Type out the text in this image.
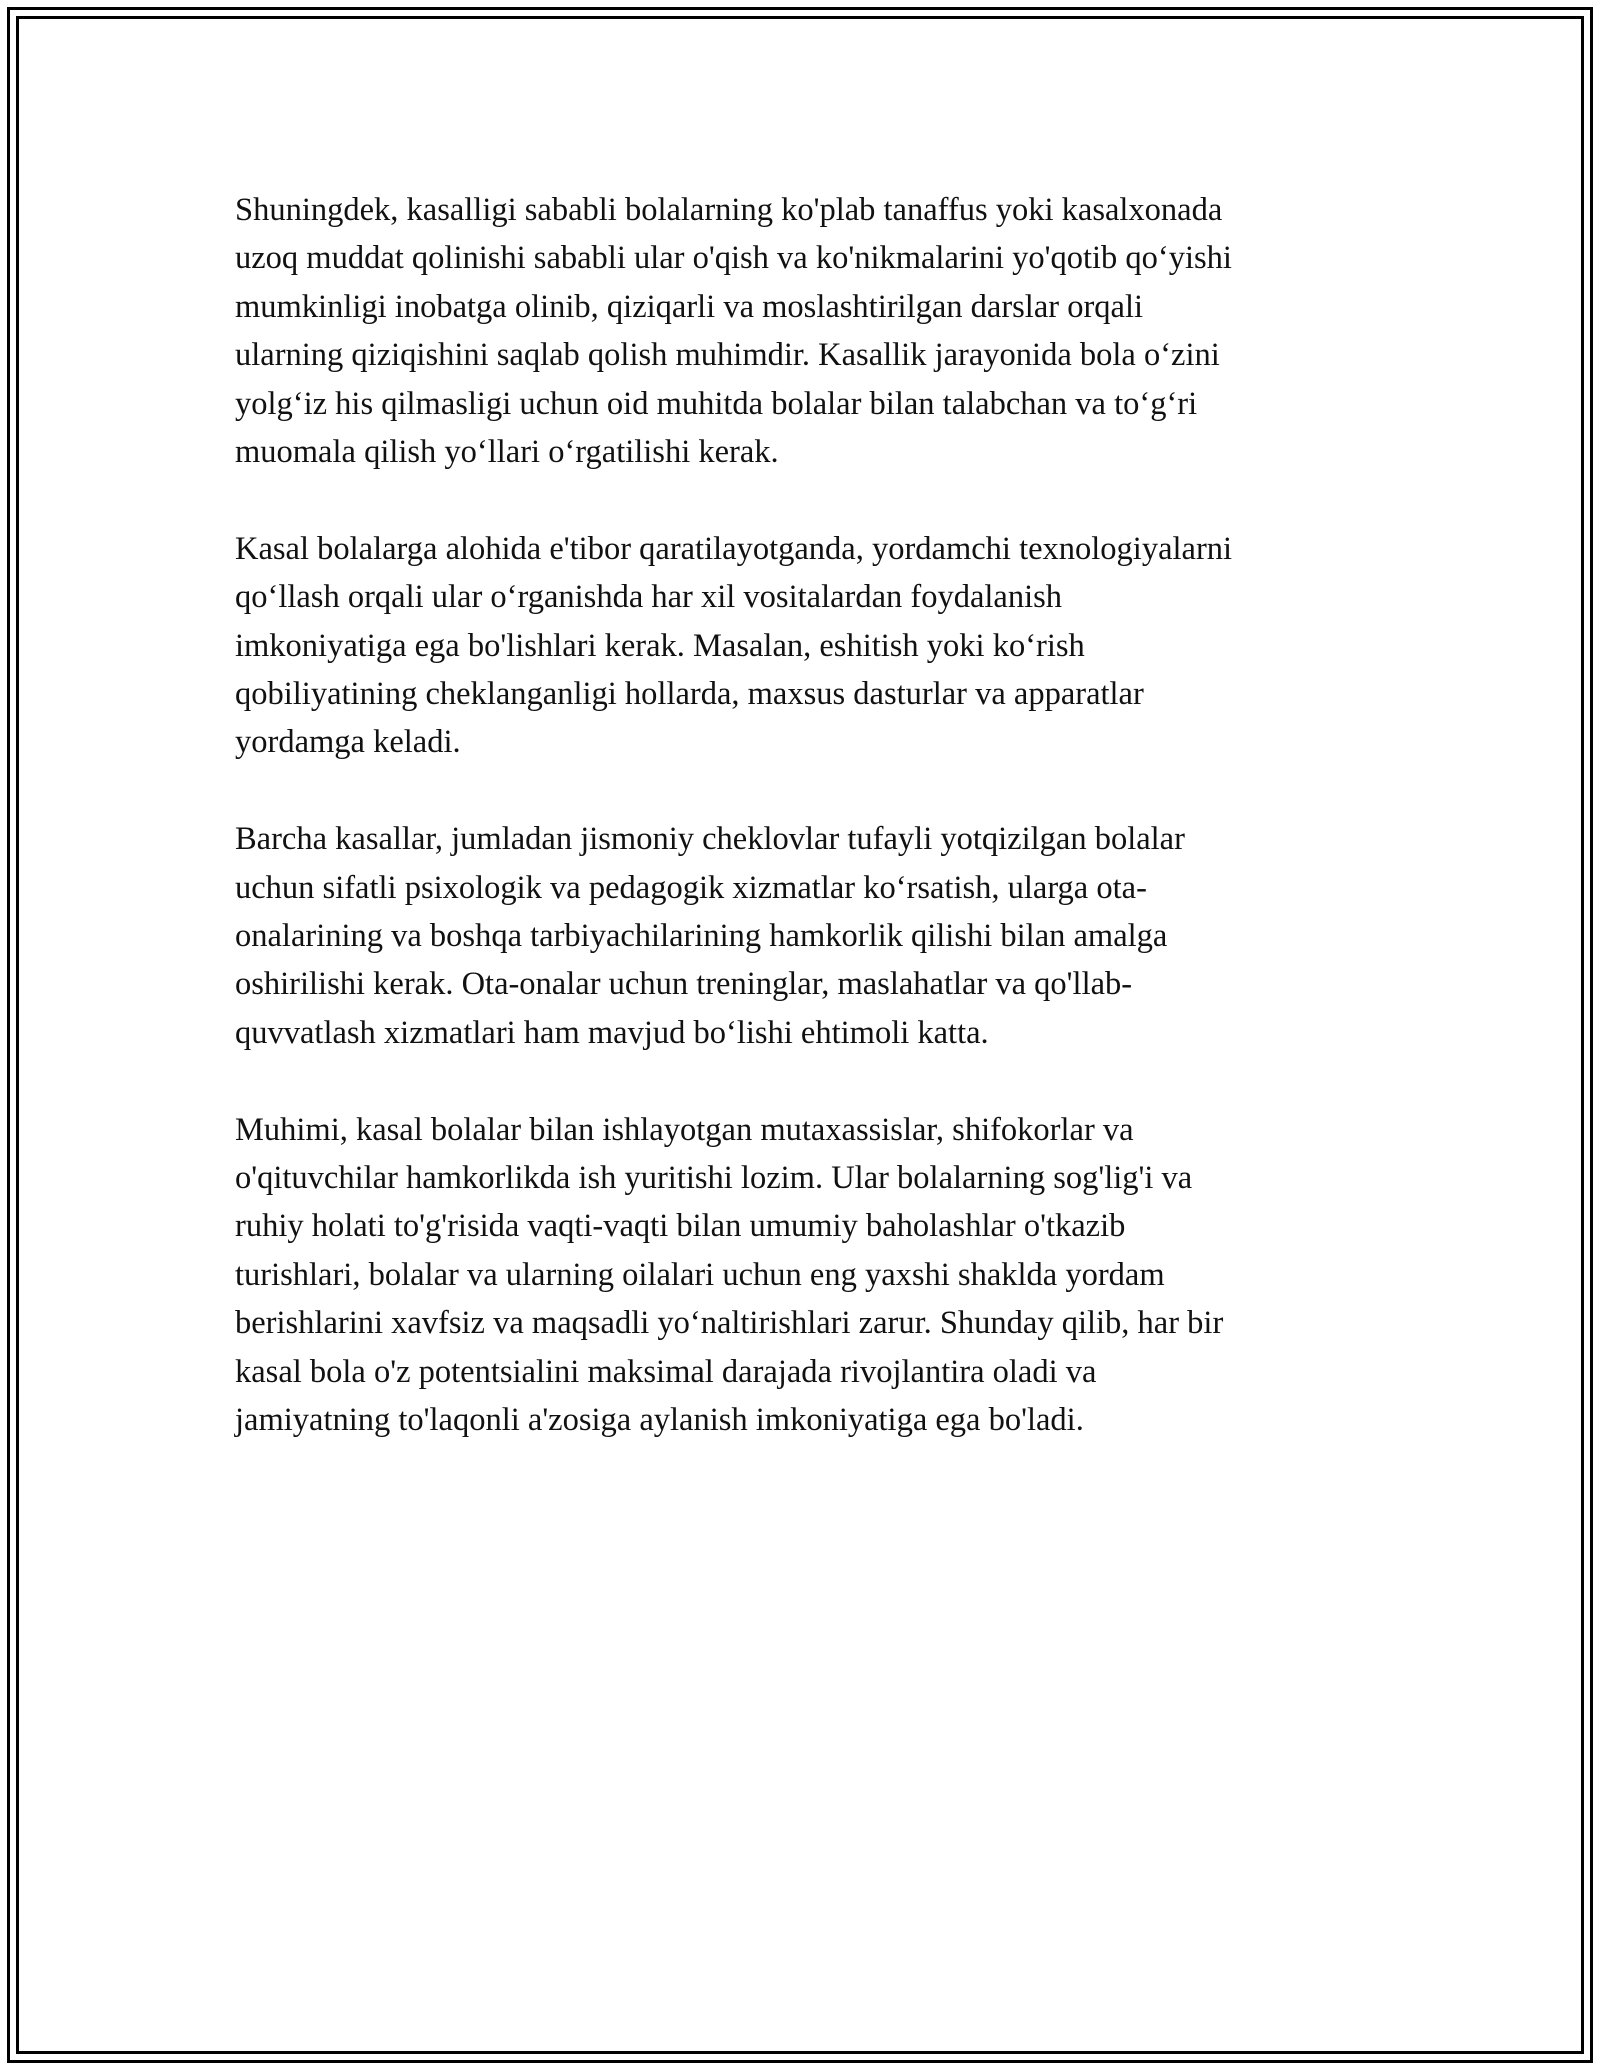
Shuningdek, kasalligi sababli bolalarning ko'plab tanaffus yoki kasalxonada
uzoq muddat qolinishi sababli ular o'qish va ko'nikmalarini yo'qotib qo‘yishi
mumkinligi inobatga olinib, qiziqarli va moslashtirilgan darslar orqali
ularning qiziqishini saqlab qolish muhimdir. Kasallik jarayonida bola o‘zini
yolg‘iz his qilmasligi uchun oid muhitda bolalar bilan talabchan va to‘g‘ri
muomala qilish yo‘llari o‘rgatilishi kerak.

Kasal bolalarga alohida e'tibor qaratilayotganda, yordamchi texnologiyalarni
qo‘llash orqali ular o‘rganishda har xil vositalardan foydalanish
imkoniyatiga ega bo'lishlari kerak. Masalan, eshitish yoki ko‘rish
qobiliyatining cheklanganligi hollarda, maxsus dasturlar va apparatlar
yordamga keladi.

Barcha kasallar, jumladan jismoniy cheklovlar tufayli yotqizilgan bolalar
uchun sifatli psixologik va pedagogik xizmatlar ko‘rsatish, ularga ota-
onalarining va boshqa tarbiyachilarining hamkorlik qilishi bilan amalga
oshirilishi kerak. Ota-onalar uchun treninglar, maslahatlar va qo'llab-
quvvatlash xizmatlari ham mavjud bo‘lishi ehtimoli katta.

Muhimi, kasal bolalar bilan ishlayotgan mutaxassislar, shifokorlar va
o'qituvchilar hamkorlikda ish yuritishi lozim. Ular bolalarning sog'lig'i va
ruhiy holati to'g'risida vaqti-vaqti bilan umumiy baholashlar o'tkazib
turishlari, bolalar va ularning oilalari uchun eng yaxshi shaklda yordam
berishlarini xavfsiz va maqsadli yo‘naltirishlari zarur. Shunday qilib, har bir
kasal bola o'z potentsialini maksimal darajada rivojlantira oladi va
jamiyatning to'laqonli a'zosiga aylanish imkoniyatiga ega bo'ladi.
